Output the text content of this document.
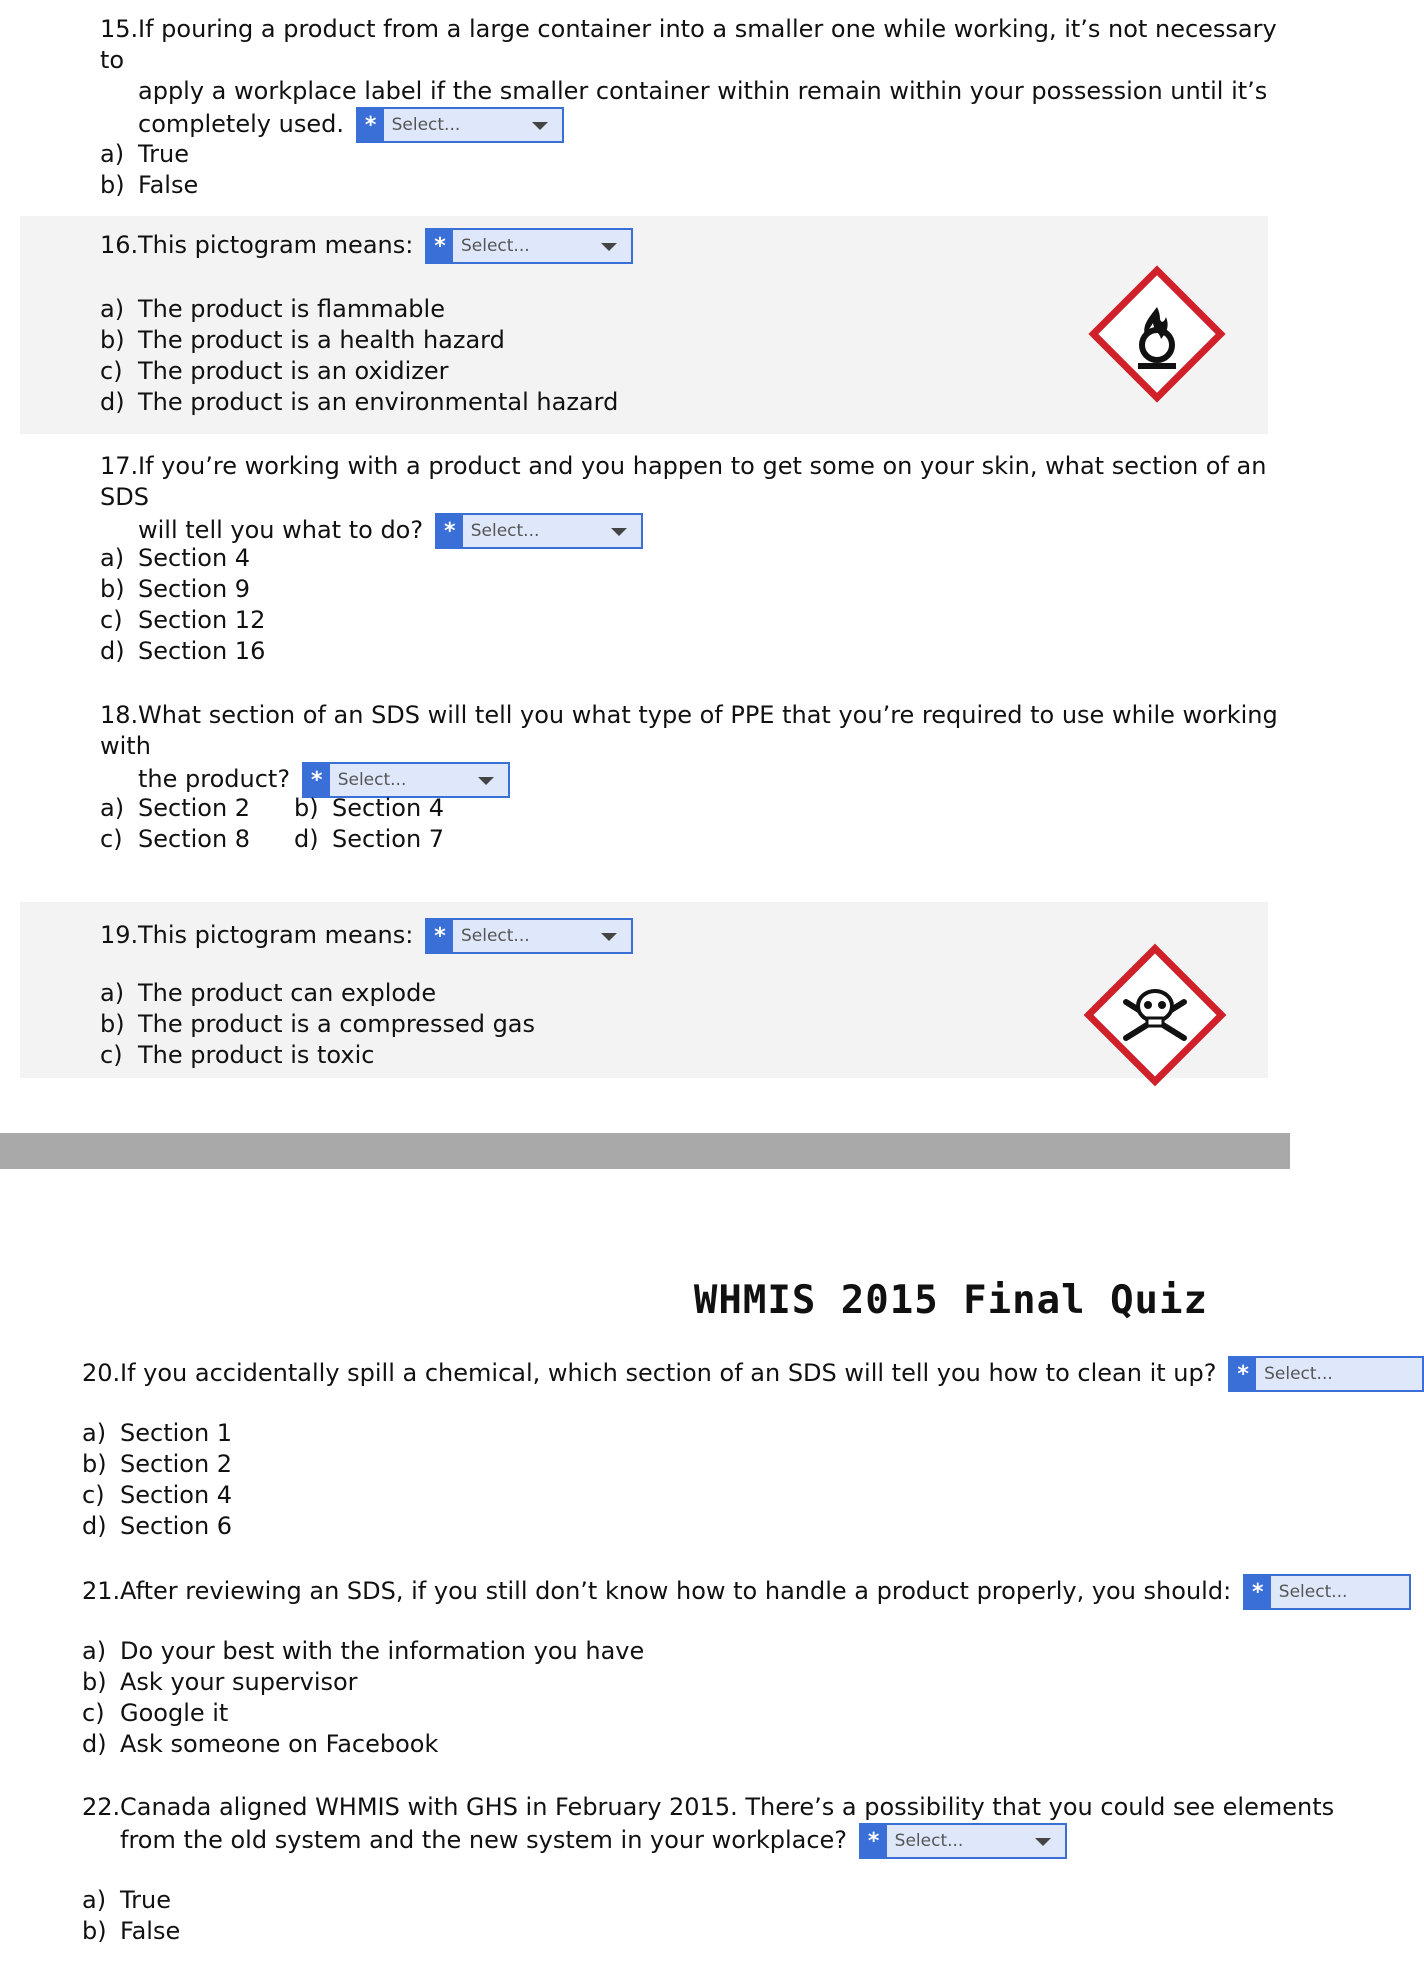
15.If pouring a product from a large container into a smaller one while working, it’s not necessary to
apply a workplace label if the smaller container within remain within your possession until it’s
completely used. * Select...
a) True
b) False
16.This pictogram means: * Select...
a) The product is flammable
b) The product is a health hazard
c) The product is an oxidizer
d) The product is an environmental hazard
17.If you’re working with a product and you happen to get some on your skin, what section of an SDS
will tell you what to do? * Select...
a) Section 4
b) Section 9
c) Section 12
d) Section 16
18.What section of an SDS will tell you what type of PPE that you’re required to use while working with
the product? * Select...
a) Section 2
c) Section 8
b) Section 4
d) Section 7
19.This pictogram means: * Select...
a) The product can explode
b) The product is a compressed gas
c) The product is toxic
WHMIS 2015 Final Quiz
20.If you accidentally spill a chemical, which section of an SDS will tell you how to clean it up? * Select...
a) Section 1
b) Section 2
c) Section 4
d) Section 6
21.After reviewing an SDS, if you still don’t know how to handle a product properly, you should: * Select...
a) Do your best with the information you have
b) Ask your supervisor
c) Google it
d) Ask someone on Facebook
22.Canada aligned WHMIS with GHS in February 2015. There’s a possibility that you could see elements
from the old system and the new system in your workplace? * Select...
a) True
b) False
